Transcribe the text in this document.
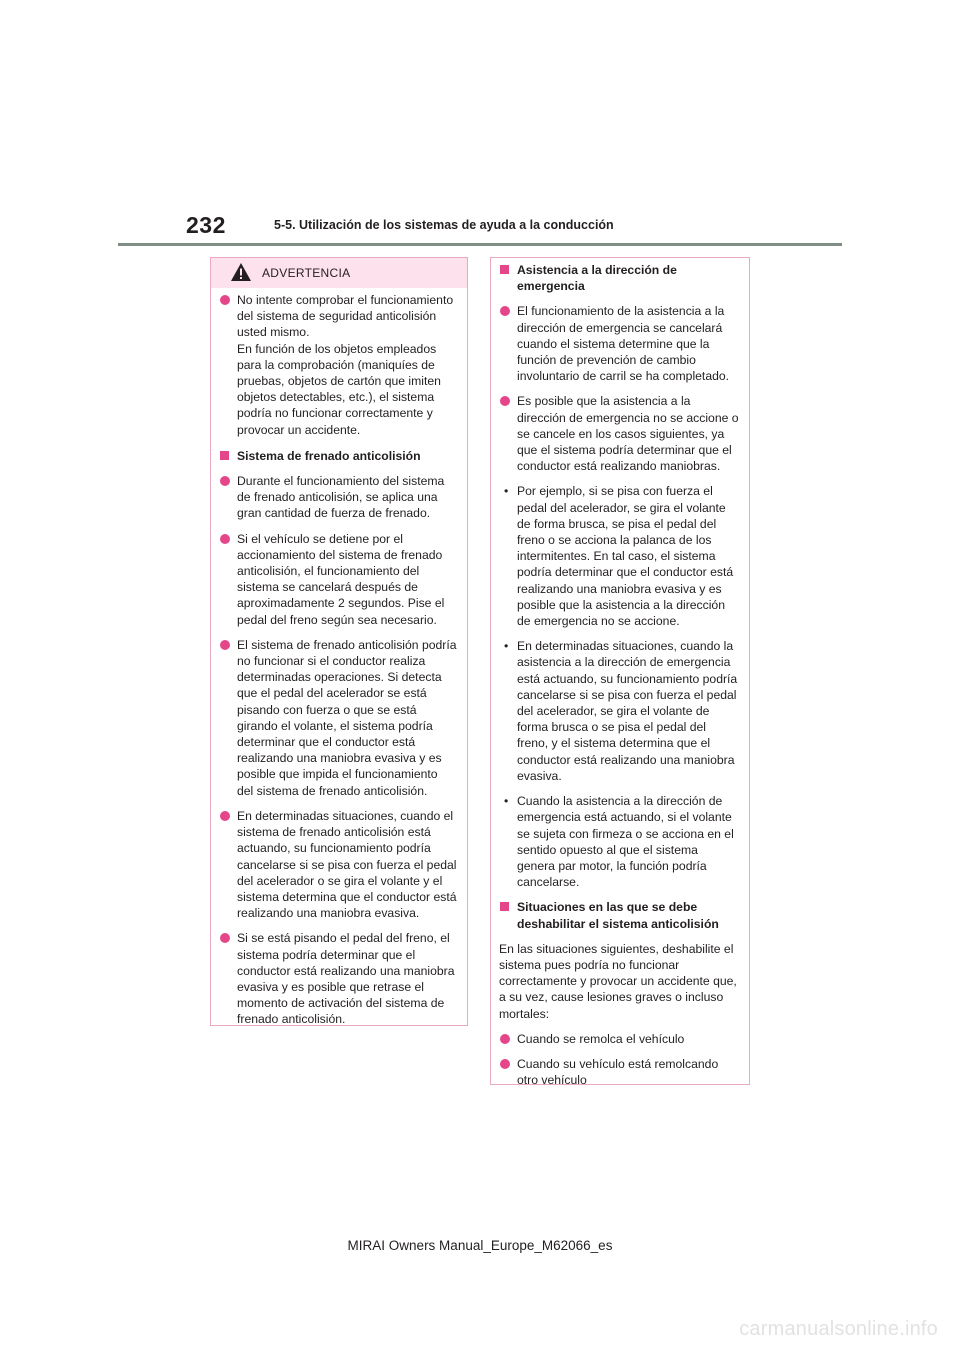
232	5-5. Utilización de los sistemas de ayuda a la conducción
ADVERTENCIA
No intente comprobar el funcionamiento del sistema de seguridad anticolisión usted mismo.
En función de los objetos empleados para la comprobación (maniquíes de pruebas, objetos de cartón que imiten objetos detectables, etc.), el sistema podría no funcionar correctamente y provocar un accidente.
Sistema de frenado anticolisión
Durante el funcionamiento del sistema de frenado anticolisión, se aplica una gran cantidad de fuerza de frenado.
Si el vehículo se detiene por el accionamiento del sistema de frenado anticolisión, el funcionamiento del sistema se cancelará después de aproximadamente 2 segundos. Pise el pedal del freno según sea necesario.
El sistema de frenado anticolisión podría no funcionar si el conductor realiza determinadas operaciones. Si detecta que el pedal del acelerador se está pisando con fuerza o que se está girando el volante, el sistema podría determinar que el conductor está realizando una maniobra evasiva y es posible que impida el funcionamiento del sistema de frenado anticolisión.
En determinadas situaciones, cuando el sistema de frenado anticolisión está actuando, su funcionamiento podría cancelarse si se pisa con fuerza el pedal del acelerador o se gira el volante y el sistema determina que el conductor está realizando una maniobra evasiva.
Si se está pisando el pedal del freno, el sistema podría determinar que el conductor está realizando una maniobra evasiva y es posible que retrase el momento de activación del sistema de frenado anticolisión.
Asistencia a la dirección de emergencia
El funcionamiento de la asistencia a la dirección de emergencia se cancelará cuando el sistema determine que la función de prevención de cambio involuntario de carril se ha completado.
Es posible que la asistencia a la dirección de emergencia no se accione o se cancele en los casos siguientes, ya que el sistema podría determinar que el conductor está realizando maniobras.
• Por ejemplo, si se pisa con fuerza el pedal del acelerador, se gira el volante de forma brusca, se pisa el pedal del freno o se acciona la palanca de los intermitentes. En tal caso, el sistema podría determinar que el conductor está realizando una maniobra evasiva y es posible que la asistencia a la dirección de emergencia no se accione.
• En determinadas situaciones, cuando la asistencia a la dirección de emergencia está actuando, su funcionamiento podría cancelarse si se pisa con fuerza el pedal del acelerador, se gira el volante de forma brusca o se pisa el pedal del freno, y el sistema determina que el conductor está realizando una maniobra evasiva.
• Cuando la asistencia a la dirección de emergencia está actuando, si el volante se sujeta con firmeza o se acciona en el sentido opuesto al que el sistema genera par motor, la función podría cancelarse.
Situaciones en las que se debe deshabilitar el sistema anticolisión
En las situaciones siguientes, deshabilite el sistema pues podría no funcionar correctamente y provocar un accidente que, a su vez, cause lesiones graves o incluso mortales:
Cuando se remolca el vehículo
Cuando su vehículo está remolcando otro vehículo
MIRAI Owners Manual_Europe_M62066_es
carmanualsonline.info
